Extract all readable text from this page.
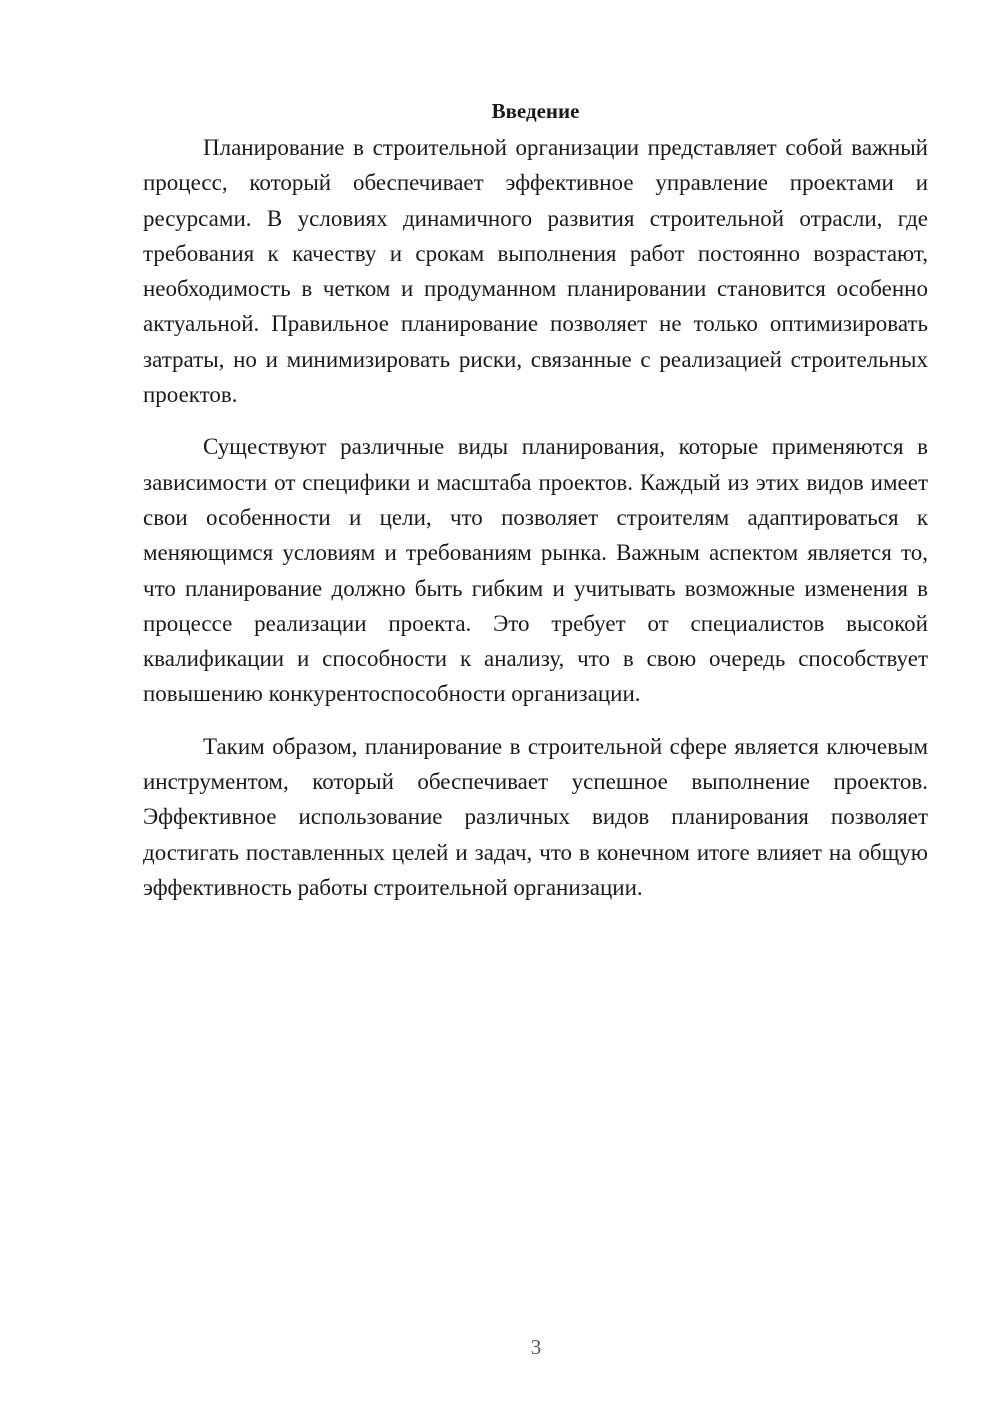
Введение

Планирование в строительной организации представляет собой важный процесс, который обеспечивает эффективное управление проектами и ресурсами. В условиях динамичного развития строительной отрасли, где требования к качеству и срокам выполнения работ постоянно возрастают, необходимость в четком и продуманном планировании становится особенно актуальной. Правильное планирование позволяет не только оптимизировать затраты, но и минимизировать риски, связанные с реализацией строительных проектов.

Существуют различные виды планирования, которые применяются в зависимости от специфики и масштаба проектов. Каждый из этих видов имеет свои особенности и цели, что позволяет строителям адаптироваться к меняющимся условиям и требованиям рынка. Важным аспектом является то, что планирование должно быть гибким и учитывать возможные изменения в процессе реализации проекта. Это требует от специалистов высокой квалификации и способности к анализу, что в свою очередь способствует повышению конкурентоспособности организации.

Таким образом, планирование в строительной сфере является ключевым инструментом, который обеспечивает успешное выполнение проектов. Эффективное использование различных видов планирования позволяет достигать поставленных целей и задач, что в конечном итоге влияет на общую эффективность работы строительной организации.

3
